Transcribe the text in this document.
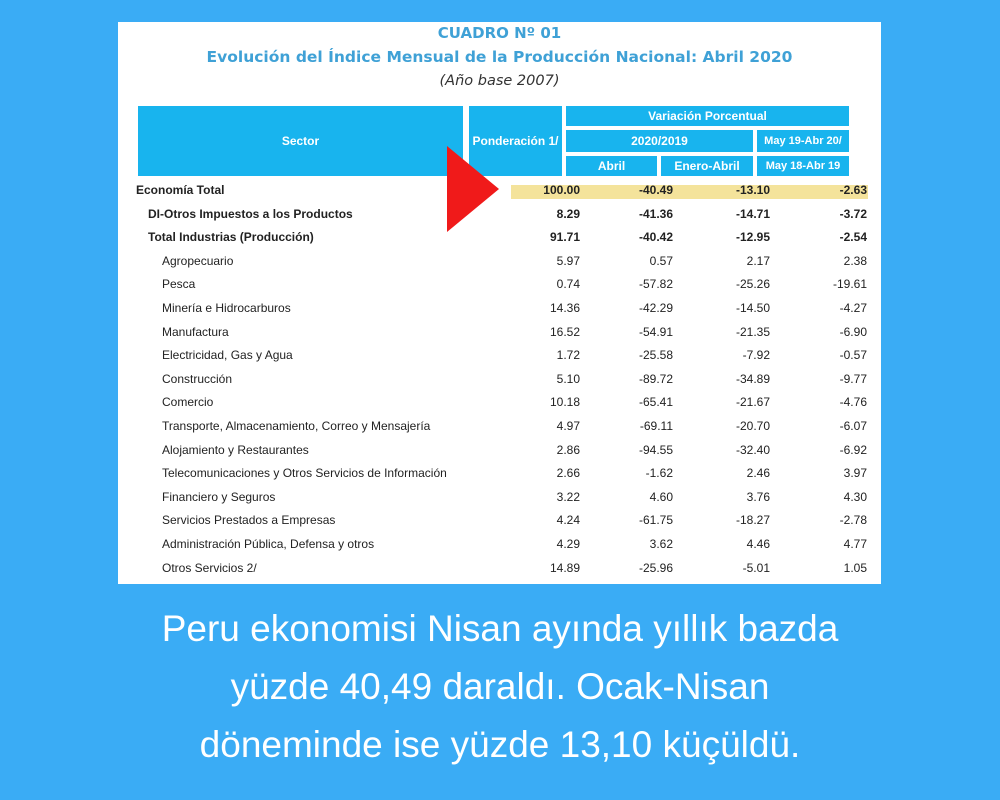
CUADRO Nº 01
Evolución del Índice Mensual de la Producción Nacional: Abril 2020
(Año base 2007)
Sector	Ponderación 1/
Variación Porcentual
2020/2019
Abril	Enero-Abril
May 19-Abr 20/
May 18-Abr 19
Economía Total	100.00	-40.49	-13.10	-2.63
DI-Otros Impuestos a los Productos	8.29	-41.36	-14.71	-3.72
Total Industrias (Producción)	91.71	-40.42	-12.95	-2.54
Agropecuario	5.97	0.57	2.17	2.38
Pesca	0.74	-57.82	-25.26	-19.61
Minería e Hidrocarburos	14.36	-42.29	-14.50	-4.27
Manufactura	16.52	-54.91	-21.35	-6.90
Electricidad, Gas y Agua	1.72	-25.58	-7.92	-0.57
Construcción	5.10	-89.72	-34.89	-9.77
Comercio	10.18	-65.41	-21.67	-4.76
Transporte, Almacenamiento, Correo y Mensajería	4.97	-69.11	-20.70	-6.07
Alojamiento y Restaurantes	2.86	-94.55	-32.40	-6.92
Telecomunicaciones y Otros Servicios de Información	2.66	-1.62	2.46	3.97
Financiero y Seguros	3.22	4.60	3.76	4.30
Servicios Prestados a Empresas	4.24	-61.75	-18.27	-2.78
Administración Pública, Defensa y otros	4.29	3.62	4.46	4.77
Otros Servicios 2/	14.89	-25.96	-5.01	1.05
Peru ekonomisi Nisan ayında yıllık bazda
yüzde 40,49 daraldı. Ocak-Nisan
döneminde ise yüzde 13,10 küçüldü.
